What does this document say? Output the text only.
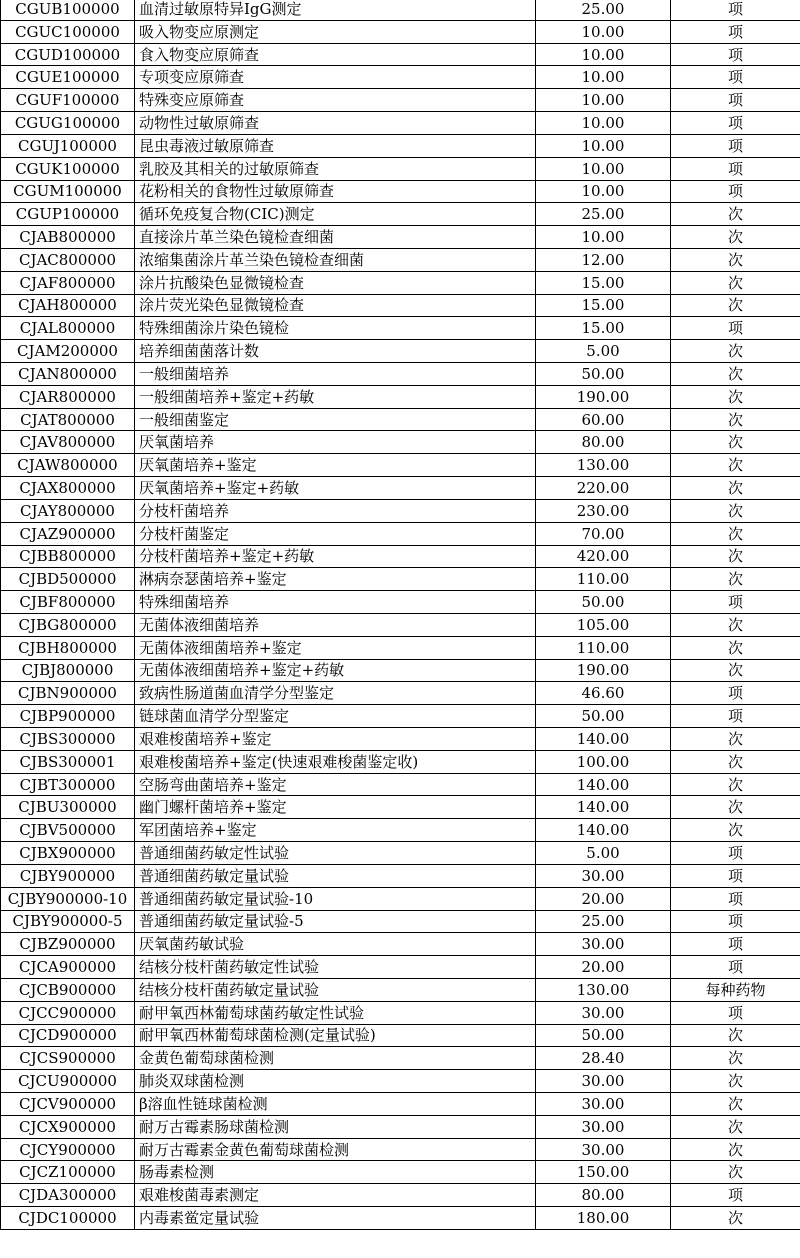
CGUB100000	血清过敏原特异IgG测定	25.00	项
CGUC100000	吸入物变应原测定	10.00	项
CGUD100000	食入物变应原筛查	10.00	项
CGUE100000	专项变应原筛查	10.00	项
CGUF100000	特殊变应原筛查	10.00	项
CGUG100000	动物性过敏原筛查	10.00	项
CGUJ100000	昆虫毒液过敏原筛查	10.00	项
CGUK100000	乳胶及其相关的过敏原筛查	10.00	项
CGUM100000	花粉相关的食物性过敏原筛查	10.00	项
CGUP100000	循环免疫复合物(CIC)测定	25.00	次
CJAB800000	直接涂片革兰染色镜检查细菌	10.00	次
CJAC800000	浓缩集菌涂片革兰染色镜检查细菌	12.00	次
CJAF800000	涂片抗酸染色显微镜检查	15.00	次
CJAH800000	涂片荧光染色显微镜检查	15.00	次
CJAL800000	特殊细菌涂片染色镜检	15.00	项
CJAM200000	培养细菌菌落计数	5.00	次
CJAN800000	一般细菌培养	50.00	次
CJAR800000	一般细菌培养+鉴定+药敏	190.00	次
CJAT800000	一般细菌鉴定	60.00	次
CJAV800000	厌氧菌培养	80.00	次
CJAW800000	厌氧菌培养+鉴定	130.00	次
CJAX800000	厌氧菌培养+鉴定+药敏	220.00	次
CJAY800000	分枝杆菌培养	230.00	次
CJAZ900000	分枝杆菌鉴定	70.00	次
CJBB800000	分枝杆菌培养+鉴定+药敏	420.00	次
CJBD500000	淋病奈瑟菌培养+鉴定	110.00	次
CJBF800000	特殊细菌培养	50.00	项
CJBG800000	无菌体液细菌培养	105.00	次
CJBH800000	无菌体液细菌培养+鉴定	110.00	次
CJBJ800000	无菌体液细菌培养+鉴定+药敏	190.00	次
CJBN900000	致病性肠道菌血清学分型鉴定	46.60	项
CJBP900000	链球菌血清学分型鉴定	50.00	项
CJBS300000	艰难梭菌培养+鉴定	140.00	次
CJBS300001	艰难梭菌培养+鉴定(快速艰难梭菌鉴定收)	100.00	次
CJBT300000	空肠弯曲菌培养+鉴定	140.00	次
CJBU300000	幽门螺杆菌培养+鉴定	140.00	次
CJBV500000	军团菌培养+鉴定	140.00	次
CJBX900000	普通细菌药敏定性试验	5.00	项
CJBY900000	普通细菌药敏定量试验	30.00	项
CJBY900000-10	普通细菌药敏定量试验-10	20.00	项
CJBY900000-5	普通细菌药敏定量试验-5	25.00	项
CJBZ900000	厌氧菌药敏试验	30.00	项
CJCA900000	结核分枝杆菌药敏定性试验	20.00	项
CJCB900000	结核分枝杆菌药敏定量试验	130.00	每种药物
CJCC900000	耐甲氧西林葡萄球菌药敏定性试验	30.00	项
CJCD900000	耐甲氧西林葡萄球菌检测(定量试验)	50.00	次
CJCS900000	金黄色葡萄球菌检测	28.40	次
CJCU900000	肺炎双球菌检测	30.00	次
CJCV900000	β溶血性链球菌检测	30.00	次
CJCX900000	耐万古霉素肠球菌检测	30.00	次
CJCY900000	耐万古霉素金黄色葡萄球菌检测	30.00	次
CJCZ100000	肠毒素检测	150.00	次
CJDA300000	艰难梭菌毒素测定	80.00	项
CJDC100000	内毒素鲎定量试验	180.00	次
